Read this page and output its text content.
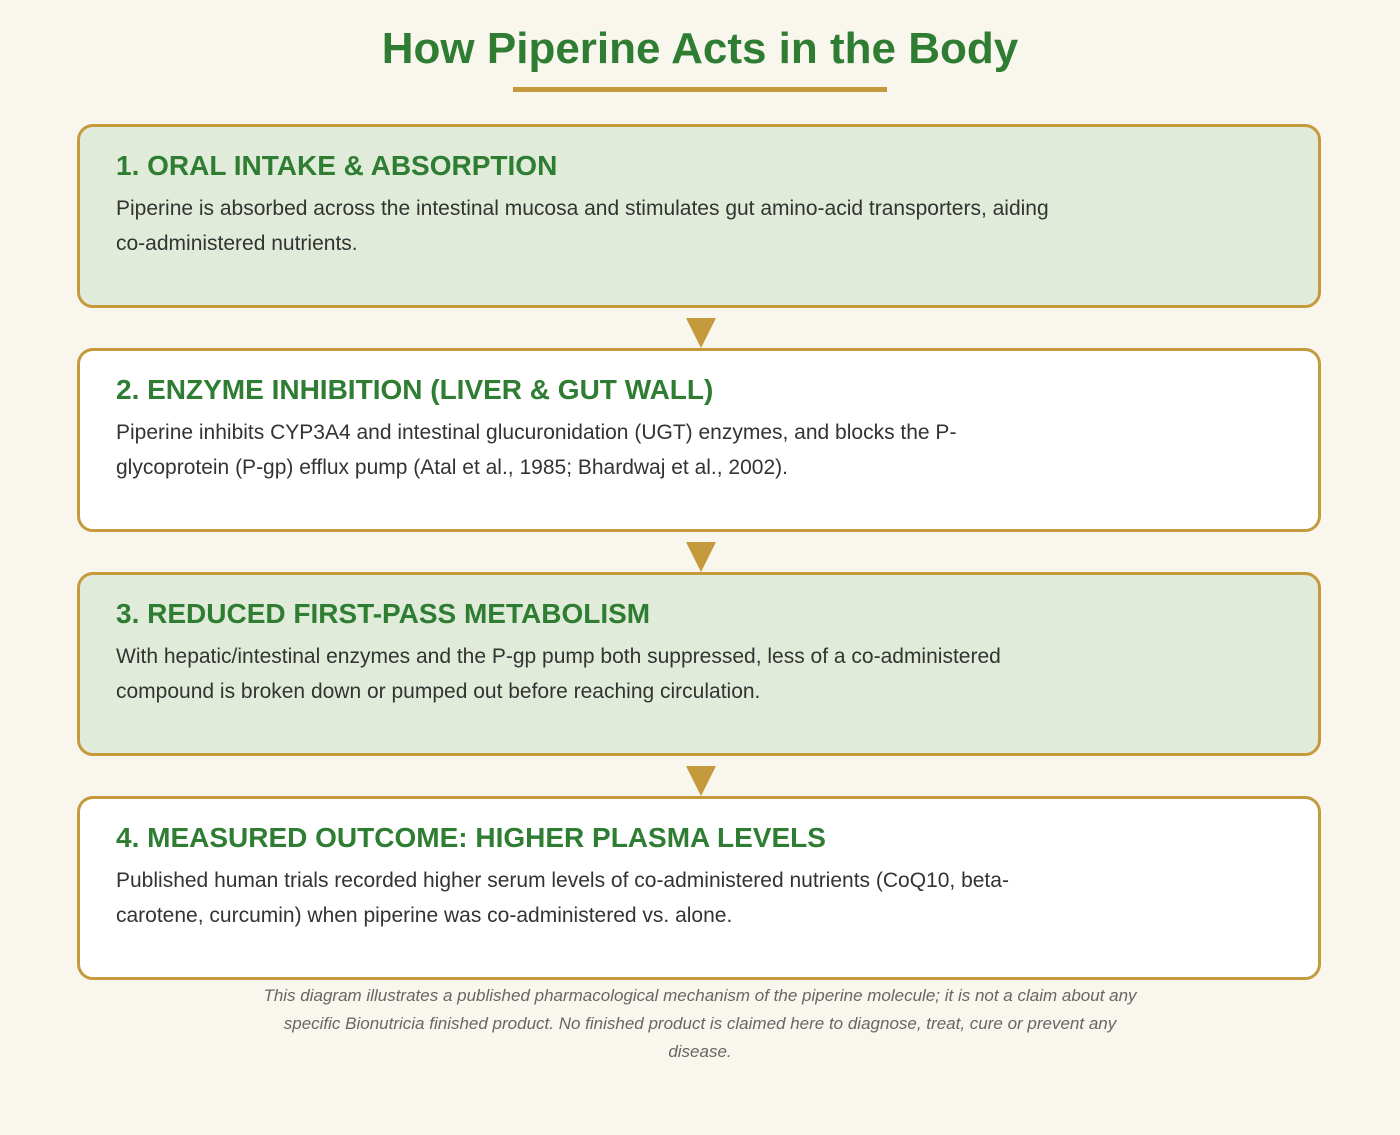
How Piperine Acts in the Body
1. ORAL INTAKE & ABSORPTION

Piperine is absorbed across the intestinal mucosa and stimulates gut amino-acid transporters, aiding co-administered nutrients.

2. ENZYME INHIBITION (LIVER & GUT WALL)

Piperine inhibits CYP3A4 and intestinal glucuronidation (UGT) enzymes, and blocks the P-glycoprotein (P-gp) efflux pump (Atal et al., 1985; Bhardwaj et al., 2002).

3. REDUCED FIRST-PASS METABOLISM

With hepatic/intestinal enzymes and the P-gp pump both suppressed, less of a co-administered compound is broken down or pumped out before reaching circulation.

4. MEASURED OUTCOME: HIGHER PLASMA LEVELS

Published human trials recorded higher serum levels of co-administered nutrients (CoQ10, beta-carotene, curcumin) when piperine was co-administered vs. alone.

This diagram illustrates a published pharmacological mechanism of the piperine molecule; it is not a claim about any specific Bionutricia finished product. No finished product is claimed here to diagnose, treat, cure or prevent any disease.
